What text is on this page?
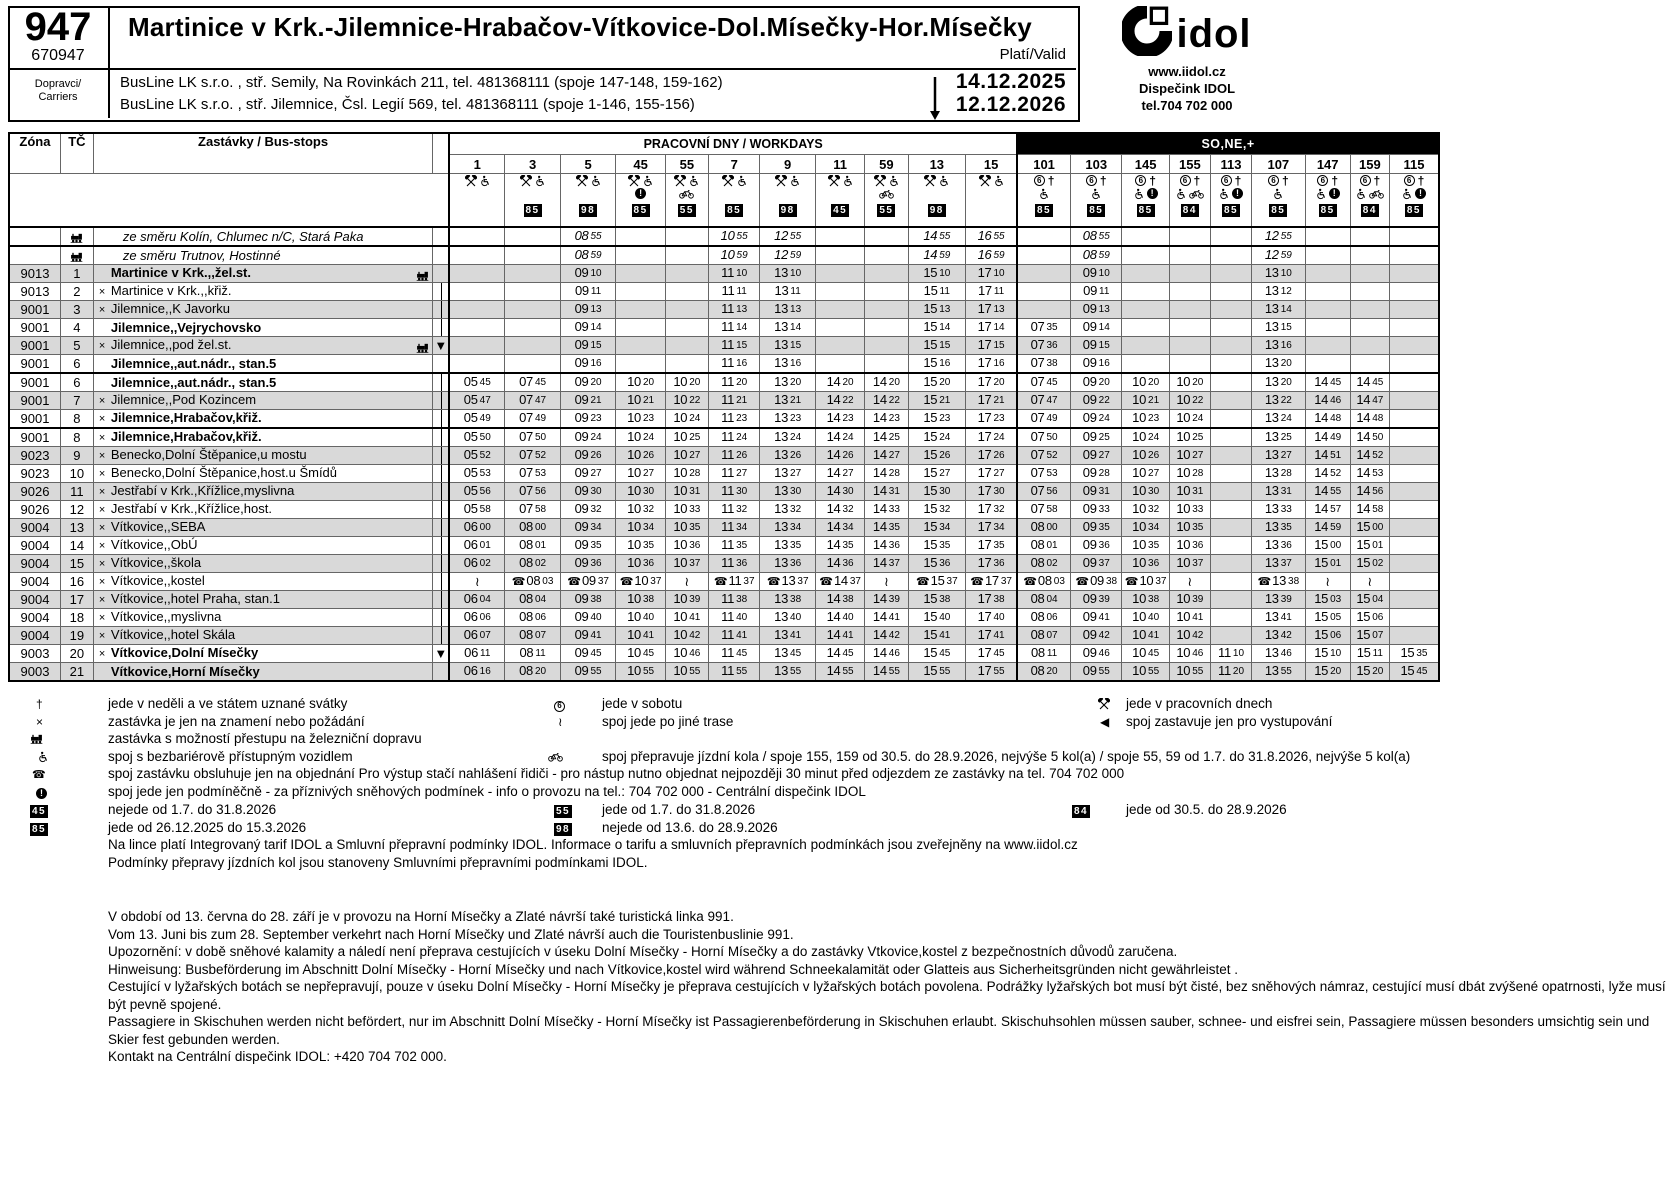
947
670947
Martinice v Krk.-Jilemnice-Hrabačov-Vítkovice-Dol.Mísečky-Hor.Mísečky
Platí/Valid
Dopravci/
Carriers
BusLine LK s.r.o. , stř. Semily, Na Rovinkách 211, tel. 481368111 (spoje 147-148, 159-162)
BusLine LK s.r.o. , stř. Jilemnice, Čsl. Legií 569, tel. 481368111 (spoje 1-146, 155-156)
14.12.2025
12.12.2026
idol
www.iidol.cz
Dispečink IDOL
tel.704 702 000
Zóna	TČ	Zastávky / Bus-stops		PRACOVNÍ DNY / WORKDAYS											SO,NE,+								
				1	3	5	45	55	7	9	11	59	13	15	101	103	145	155	113	107	147	159	115

85	98

!
85	55	85	98	45	55	98

6 †
85

6 †
85

6 †
!
85

6 †
84

6 †
!
85

6 †
85

6 †
!
85

6 †
84

6 †
!
85

		ze směru Kolín, Chlumec n/C, Stará Paka				08 55			10 55	12 55			14 55	16 55		08 55				12 55			
		ze směru Trutnov, Hostinné				08 59			10 59	12 59			14 59	16 59		08 59				12 59			
9013	1	Martinice v Krk.,,žel.st.				09 10			11 10	13 10			15 10	17 10		09 10				13 10			
9013	2	× Martinice v Krk.,,křiž.				09 11			11 11	13 11			15 11	17 11		09 11				13 12			
9001	3	× Jilemnice,,K Javorku				09 13			11 13	13 13			15 13	17 13		09 13				13 14			
9001	4	Jilemnice,,Vejrychovsko				09 14			11 14	13 14			15 14	17 14	07 35	09 14				13 15			
9001	5	× Jilemnice,,pod žel.st.	▼			09 15			11 15	13 15			15 15	17 15	07 36	09 15				13 16			
9001	6	Jilemnice,,aut.nádr., stan.5				09 16			11 16	13 16			15 16	17 16	07 38	09 16				13 20			
9001	6	Jilemnice,,aut.nádr., stan.5		05 45	07 45	09 20	10 20	10 20	11 20	13 20	14 20	14 20	15 20	17 20	07 45	09 20	10 20	10 20		13 20	14 45	14 45	
9001	7	× Jilemnice,,Pod Kozincem		05 47	07 47	09 21	10 21	10 22	11 21	13 21	14 22	14 22	15 21	17 21	07 47	09 22	10 21	10 22		13 22	14 46	14 47	
9001	8	× Jilemnice,Hrabačov,křiž.		05 49	07 49	09 23	10 23	10 24	11 23	13 23	14 23	14 23	15 23	17 23	07 49	09 24	10 23	10 24		13 24	14 48	14 48	
9001	8	× Jilemnice,Hrabačov,křiž.		05 50	07 50	09 24	10 24	10 25	11 24	13 24	14 24	14 25	15 24	17 24	07 50	09 25	10 24	10 25		13 25	14 49	14 50	
9023	9	× Benecko,Dolní Štěpanice,u mostu		05 52	07 52	09 26	10 26	10 27	11 26	13 26	14 26	14 27	15 26	17 26	07 52	09 27	10 26	10 27		13 27	14 51	14 52	
9023	10	× Benecko,Dolní Štěpanice,host.u Šmídů		05 53	07 53	09 27	10 27	10 28	11 27	13 27	14 27	14 28	15 27	17 27	07 53	09 28	10 27	10 28		13 28	14 52	14 53	
9026	11	× Jestřabí v Krk.,Křížlice,myslivna		05 56	07 56	09 30	10 30	10 31	11 30	13 30	14 30	14 31	15 30	17 30	07 56	09 31	10 30	10 31		13 31	14 55	14 56	
9026	12	× Jestřabí v Krk.,Křížlice,host.		05 58	07 58	09 32	10 32	10 33	11 32	13 32	14 32	14 33	15 32	17 32	07 58	09 33	10 32	10 33		13 33	14 57	14 58	
9004	13	× Vítkovice,,SEBA		06 00	08 00	09 34	10 34	10 35	11 34	13 34	14 34	14 35	15 34	17 34	08 00	09 35	10 34	10 35		13 35	14 59	15 00	
9004	14	× Vítkovice,,ObÚ		06 01	08 01	09 35	10 35	10 36	11 35	13 35	14 35	14 36	15 35	17 35	08 01	09 36	10 35	10 36		13 36	15 00	15 01	
9004	15	× Vítkovice,,škola		06 02	08 02	09 36	10 36	10 37	11 36	13 36	14 36	14 37	15 36	17 36	08 02	09 37	10 36	10 37		13 37	15 01	15 02	
9004	16	× Vítkovice,,kostel		≀	☎08 03	☎09 37	☎10 37	≀	☎11 37	☎13 37	☎14 37	≀	☎15 37	☎17 37	☎08 03	☎09 38	☎10 37	≀		☎13 38	≀	≀	
9004	17	× Vítkovice,,hotel Praha, stan.1		06 04	08 04	09 38	10 38	10 39	11 38	13 38	14 38	14 39	15 38	17 38	08 04	09 39	10 38	10 39		13 39	15 03	15 04	
9004	18	× Vítkovice,,myslivna		06 06	08 06	09 40	10 40	10 41	11 40	13 40	14 40	14 41	15 40	17 40	08 06	09 41	10 40	10 41		13 41	15 05	15 06	
9004	19	× Vítkovice,,hotel Skála		06 07	08 07	09 41	10 41	10 42	11 41	13 41	14 41	14 42	15 41	17 41	08 07	09 42	10 41	10 42		13 42	15 06	15 07	
9003	20	× Vítkovice,Dolní Mísečky	▼	06 11	08 11	09 45	10 45	10 46	11 45	13 45	14 45	14 46	15 45	17 45	08 11	09 46	10 45	10 46	11 10	13 46	15 10	15 11	15 35
9003	21	Vítkovice,Horní Mísečky		06 16	08 20	09 55	10 55	10 55	11 55	13 55	14 55	14 55	15 55	17 55	08 20	09 55	10 55	10 55	11 20	13 55	15 20	15 20	15 45
Na lince platí Integrovaný tarif IDOL a Smluvní přepravní podmínky IDOL. Informace o tarifu a smluvních přepravních podmínkách jsou zveřejněny na www.iidol.cz
Podmínky přepravy jízdních kol jsou stanoveny Smluvními přepravními podmínkami IDOL.
†	jede v neděli a ve státem uznané svátky
×	zastávka je jen na znamení nebo požádání
zastávka s možností přestupu na železniční dopravu
spoj s bezbariérově přístupným vozidlem
☎	spoj zastávku obsluhuje jen na objednání Pro výstup stačí nahlášení řidiči - pro nástup nutno objednat nejpozději 30 minut před odjezdem ze zastávky na tel. 704 702 000
!	spoj jede jen podmíněčně - za příznivých sněhových podmínek - info o provozu na tel.: 704 702 000 - Centrální dispečink IDOL
45	nejede od 1.7. do 31.8.2026
85	jede od 26.12.2025 do 15.3.2026
6	jede v sobotu
≀	spoj jede po jiné trase
spoj přepravuje jízdní kola / spoje 155, 159 od 30.5. do 28.9.2026, nejvýše 5 kol(a) / spoje 55, 59 od 1.7. do 31.8.2026, nejvýše 5 kol(a)
55 jede od 1.7. do 31.8.2026
98 nejede od 13.6. do 28.9.2026
jede v pracovních dnech
◀ spoj zastavuje jen pro vystupování
84	jede od 30.5. do 28.9.2026

V období od 13. června do 28. září je v provozu na Horní Mísečky a Zlaté návrší také turistická linka 991.

Vom 13. Juni bis zum 28. September verkehrt nach Horní Mísečky und Zlaté návrší auch die Touristenbuslinie 991.

Upozornění: v době sněhové kalamity a náledí není přeprava cestujících v úseku Dolní Mísečky - Horní Mísečky a do zastávky Vtkovice,kostel z bezpečnostních důvodů zaručena.

Hinweisung: Busbeförderung im Abschnitt Dolní Mísečky - Horní Mísečky und nach Vítkovice,kostel wird während Schneekalamität oder Glatteis aus Sicherheitsgründen nicht gewährleistet .

Cestující v lyžařských botách se nepřepravují, pouze v úseku Dolní Mísečky - Horní Mísečky je přeprava cestujících v lyžařských botách povolena. Podrážky lyžařských bot musí být čisté, bez sněhových námraz, cestující musí dbát zvýšené opatrnosti, lyže musí být pevně spojené.

Passagiere in Skischuhen werden nicht befördert, nur im Abschnitt Dolní Mísečky - Horní Mísečky ist Passagierenbeförderung in Skischuhen erlaubt. Skischuhsohlen müssen sauber, schnee- und eisfrei sein, Passagiere müssen besonders umsichtig sein und Skier fest gebunden werden.

Kontakt na Centrální dispečink IDOL: +420 704 702 000.
